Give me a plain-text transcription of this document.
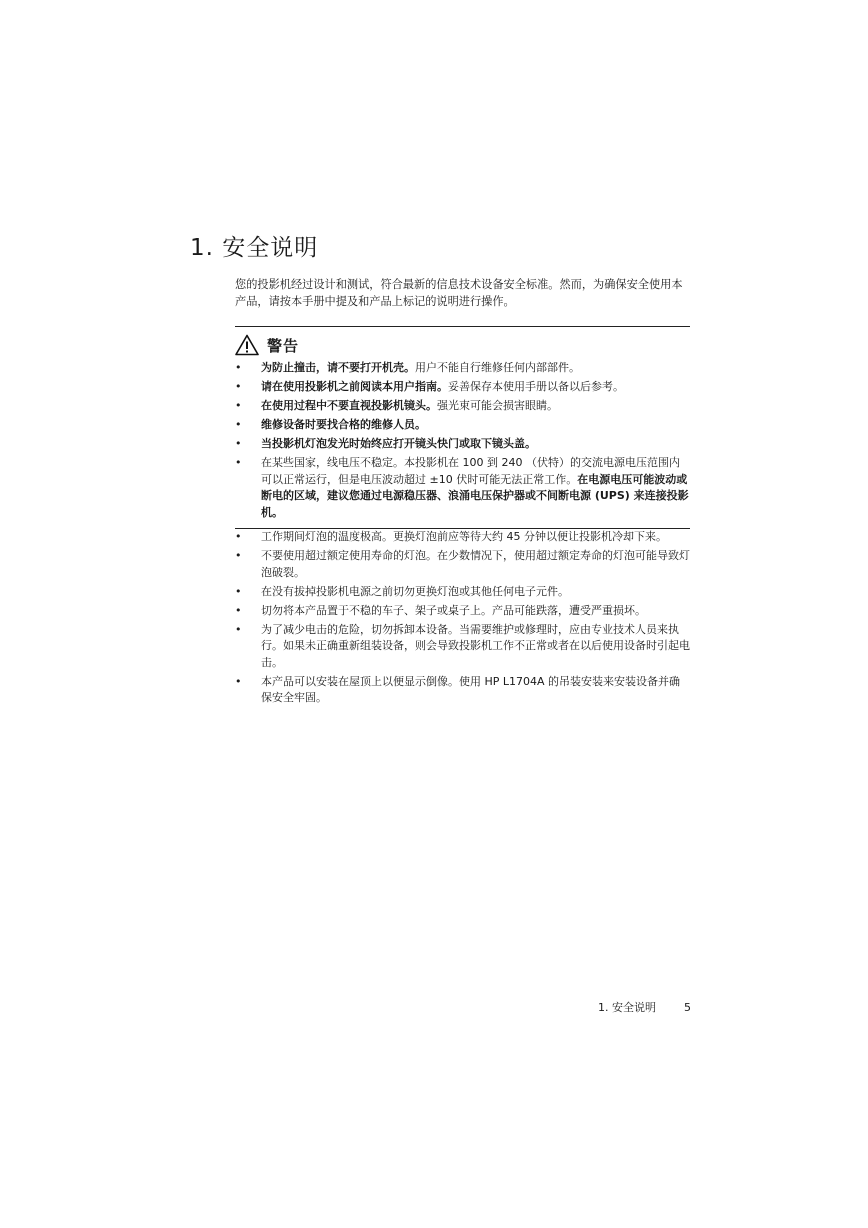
1. 安全说明

您的投影机经过设计和测试，符合最新的信息技术设备安全标准。然而，为确保安全使用本产品，请按本手册中提及和产品上标记的说明进行操作。

警告
•	为防止撞击，请不要打开机壳。用户不能自行维修任何内部部件。
•	请在使用投影机之前阅读本用户指南。妥善保存本使用手册以备以后参考。
•	在使用过程中不要直视投影机镜头。强光束可能会损害眼睛。
•	维修设备时要找合格的维修人员。
•	当投影机灯泡发光时始终应打开镜头快门或取下镜头盖。
•	在某些国家，线电压不稳定。本投影机在 100 到 240 （伏特）的交流电源电压范围内可以正常运行，但是电压波动超过 ±10 伏时可能无法正常工作。在电源电压可能波动或断电的区域，建议您通过电源稳压器、浪涌电压保护器或不间断电源 (UPS) 来连接投影机。
•	工作期间灯泡的温度极高。更换灯泡前应等待大约 45 分钟以便让投影机冷却下来。
•	不要使用超过额定使用寿命的灯泡。在少数情况下，使用超过额定寿命的灯泡可能导致灯泡破裂。
•	在没有拔掉投影机电源之前切勿更换灯泡或其他任何电子元件。
•	切勿将本产品置于不稳的车子、架子或桌子上。产品可能跌落，遭受严重损坏。
•	为了减少电击的危险，切勿拆卸本设备。当需要维护或修理时，应由专业技术人员来执行。如果未正确重新组装设备，则会导致投影机工作不正常或者在以后使用设备时引起电击。
•	本产品可以安装在屋顶上以便显示倒像。使用 HP L1704A 的吊装安装来安装设备并确保安全牢固。
1. 安全说明	5
